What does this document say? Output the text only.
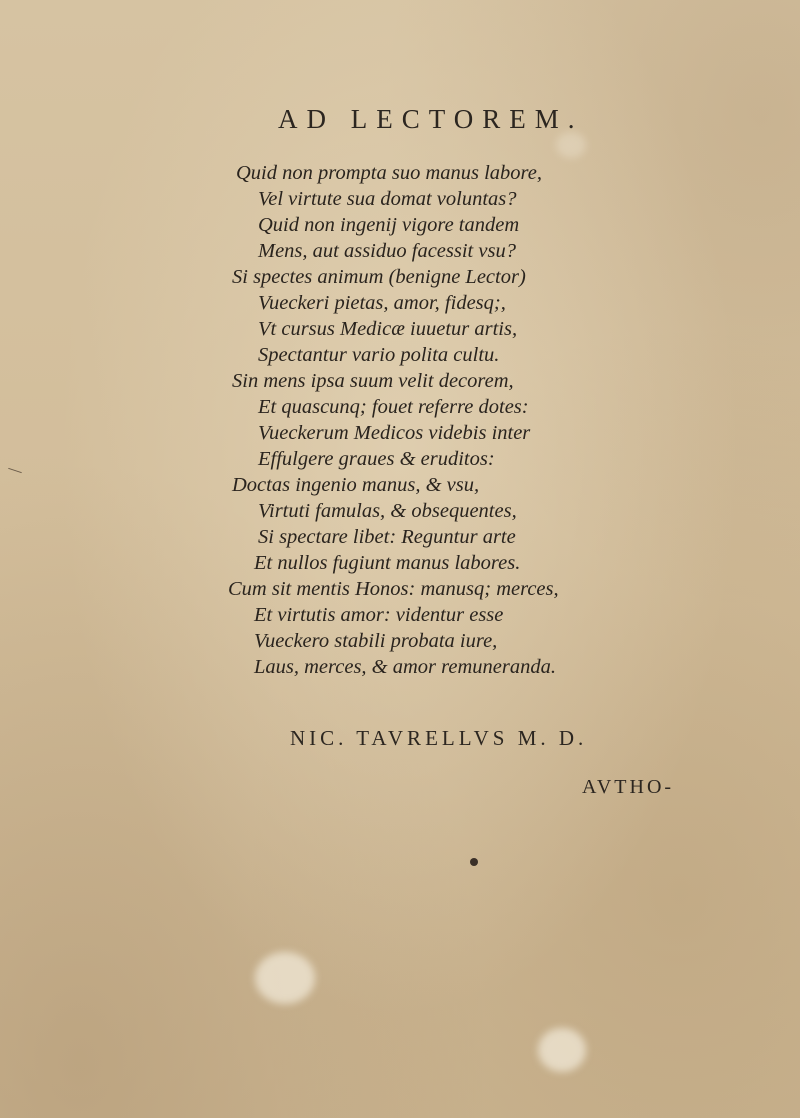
AD LECTOREM.
Quid non prompta suo manus labore,
Vel virtute sua domat voluntas?
Quid non ingenij vigore tandem
Mens, aut assiduo facessit vsu?
Si spectes animum (benigne Lector)
Vueckeri pietas, amor, fidesq;,
Vt cursus Medicæ iuuetur artis,
Spectantur vario polita cultu.
Sin mens ipsa suum velit decorem,
Et quascunq; fouet referre dotes:
Vueckerum Medicos videbis inter
Effulgere graues & eruditos:
Doctas ingenio manus, & vsu,
Virtuti famulas, & obsequentes,
Si spectare libet: Reguntur arte
Et nullos fugiunt manus labores.
Cum sit mentis Honos: manusq; merces,
Et virtutis amor: videntur esse
Vueckero stabili probata iure,
Laus, merces, & amor remuneranda.
NIC. TAVRELLVS M. D.
AVTHO-
